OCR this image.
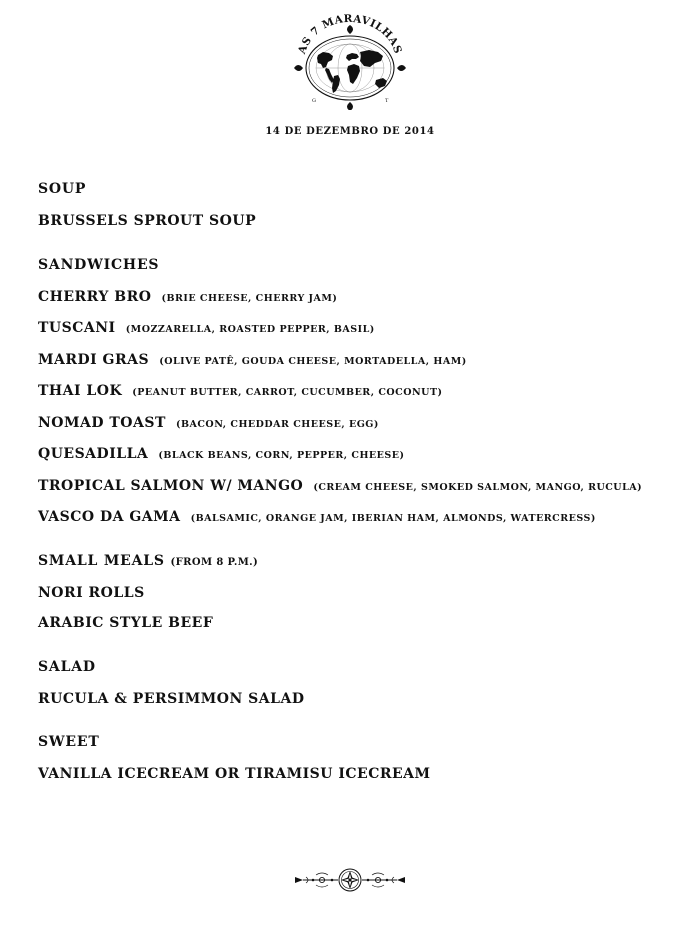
AS 7 MARAVILHAS
G	T
14 DE DEZEMBRO DE 2014
SOUP
BRUSSELS SPROUT SOUP
SANDWICHES
CHERRY BRO (BRIE CHEESE, CHERRY JAM)
TUSCANI (MOZZARELLA, ROASTED PEPPER, BASIL)
MARDI GRAS (OLIVE PATÊ, GOUDA CHEESE, MORTADELLA, HAM)
THAI LOK (PEANUT BUTTER, CARROT, CUCUMBER, COCONUT)
NOMAD TOAST (BACON, CHEDDAR CHEESE, EGG)
QUESADILLA (BLACK BEANS, CORN, PEPPER, CHEESE)
TROPICAL SALMON W/ MANGO (CREAM CHEESE, SMOKED SALMON, MANGO, RUCULA)
VASCO DA GAMA (BALSAMIC, ORANGE JAM, IBERIAN HAM, ALMONDS, WATERCRESS)
SMALL MEALS (FROM 8 P.M.)
NORI ROLLS
ARABIC STYLE BEEF
SALAD
RUCULA & PERSIMMON SALAD
SWEET
VANILLA ICECREAM OR TIRAMISU ICECREAM
